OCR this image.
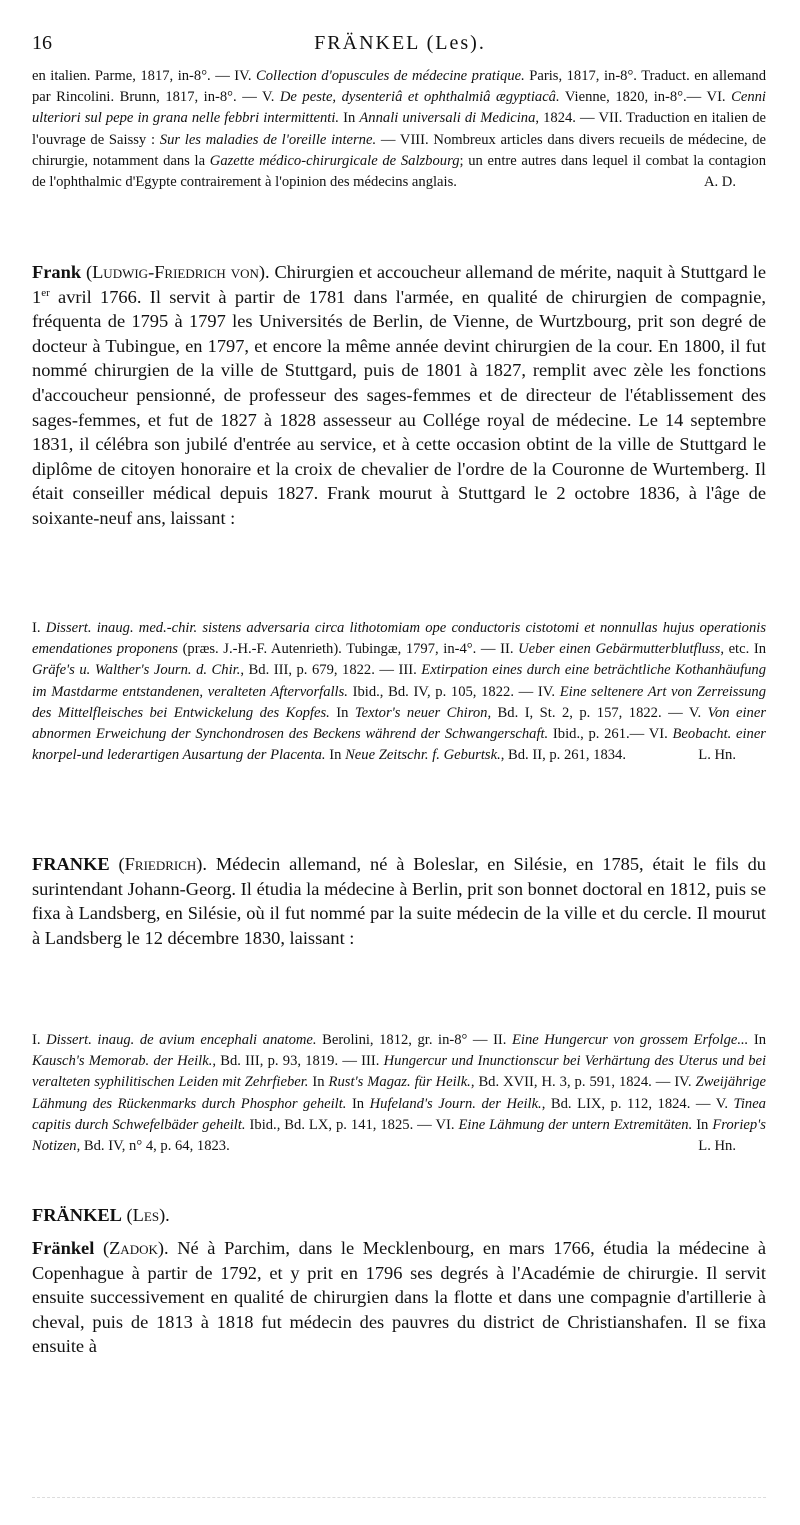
16	FRÄNKEL (Les).
en italien. Parme, 1817, in-8°. — IV. Collection d'opuscules de médecine pratique. Paris, 1817, in-8°. Traduct. en allemand par Rincolini. Brunn, 1817, in-8°. — V. De peste, dysenteriâ et ophthalmiâ ægyptiacâ. Vienne, 1820, in-8°.— VI. Cenni ulteriori sul pepe in grana nelle febbri intermittenti. In Annali universali di Medicina, 1824. — VII. Traduction en italien de l'ouvrage de Saissy : Sur les maladies de l'oreille interne. — VIII. Nombreux articles dans divers recueils de médecine, de chirurgie, notamment dans la Gazette médico-chirurgicale de Salzbourg; un entre autres dans lequel il combat la contagion de l'ophthalmic d'Egypte contrairement à l'opinion des médecins anglais.	A. D.
Frank (Ludwig-Friedrich von). Chirurgien et accoucheur allemand de mérite, naquit à Stuttgard le 1er avril 1766. Il servit à partir de 1781 dans l'armée, en qualité de chirurgien de compagnie, fréquenta de 1795 à 1797 les Universités de Berlin, de Vienne, de Wurtzbourg, prit son degré de docteur à Tubingue, en 1797, et encore la même année devint chirurgien de la cour. En 1800, il fut nommé chirurgien de la ville de Stuttgard, puis de 1801 à 1827, remplit avec zèle les fonctions d'accoucheur pensionné, de professeur des sages-femmes et de directeur de l'établissement des sages-femmes, et fut de 1827 à 1828 assesseur au Collége royal de médecine. Le 14 septembre 1831, il célébra son jubilé d'entrée au service, et à cette occasion obtint de la ville de Stuttgard le diplôme de citoyen honoraire et la croix de chevalier de l'ordre de la Couronne de Wurtemberg. Il était conseiller médical depuis 1827. Frank mourut à Stuttgard le 2 octobre 1836, à l'âge de soixante-neuf ans, laissant :
I. Dissert. inaug. med.-chir. sistens adversaria circa lithotomiam ope conductoris cistotomi et nonnullas hujus operationis emendationes proponens (præs. J.-H.-F. Autenrieth). Tubingæ, 1797, in-4°. — II. Ueber einen Gebärmutterblutfluss, etc. In Gräfe's u. Walther's Journ. d. Chir., Bd. III, p. 679, 1822. — III. Extirpation eines durch eine beträchtliche Kothanhäufung im Mastdarme entstandenen, veralteten Aftervorfalls. Ibid., Bd. IV, p. 105, 1822. — IV. Eine seltenere Art von Zerreissung des Mittelfleisches bei Entwickelung des Kopfes. In Textor's neuer Chiron, Bd. I, St. 2, p. 157, 1822. — V. Von einer abnormen Erweichung der Synchondrosen des Beckens während der Schwangerschaft. Ibid., p. 261.— VI. Beobacht. einer knorpel-und lederartigen Ausartung der Placenta. In Neue Zeitschr. f. Geburtsk., Bd. II, p. 261, 1834.	L. Hn.
FRANKE (Friedrich). Médecin allemand, né à Boleslar, en Silésie, en 1785, était le fils du surintendant Johann-Georg. Il étudia la médecine à Berlin, prit son bonnet doctoral en 1812, puis se fixa à Landsberg, en Silésie, où il fut nommé par la suite médecin de la ville et du cercle. Il mourut à Landsberg le 12 décembre 1830, laissant :
I. Dissert. inaug. de avium encephali anatome. Berolini, 1812, gr. in-8° — II. Eine Hungercur von grossem Erfolge... In Kausch's Memorab. der Heilk., Bd. III, p. 93, 1819. — III. Hungercur und Inunctionscur bei Verhärtung des Uterus und bei veralteten syphilitischen Leiden mit Zehrfieber. In Rust's Magaz. für Heilk., Bd. XVII, H. 3, p. 591, 1824. — IV. Zweijährige Lähmung des Rückenmarks durch Phosphor geheilt. In Hufeland's Journ. der Heilk., Bd. LIX, p. 112, 1824. — V. Tinea capitis durch Schwefelbäder geheilt. Ibid., Bd. LX, p. 141, 1825. — VI. Eine Lähmung der untern Extremitäten. In Froriep's Notizen, Bd. IV, n° 4, p. 64, 1823.	L. Hn.
FRÄNKEL (Les).
Fränkel (Zadok). Né à Parchim, dans le Mecklenbourg, en mars 1766, étudia la médecine à Copenhague à partir de 1792, et y prit en 1796 ses degrés à l'Académie de chirurgie. Il servit ensuite successivement en qualité de chirurgien dans la flotte et dans une compagnie d'artillerie à cheval, puis de 1813 à 1818 fut médecin des pauvres du district de Christianshafen. Il se fixa ensuite à
